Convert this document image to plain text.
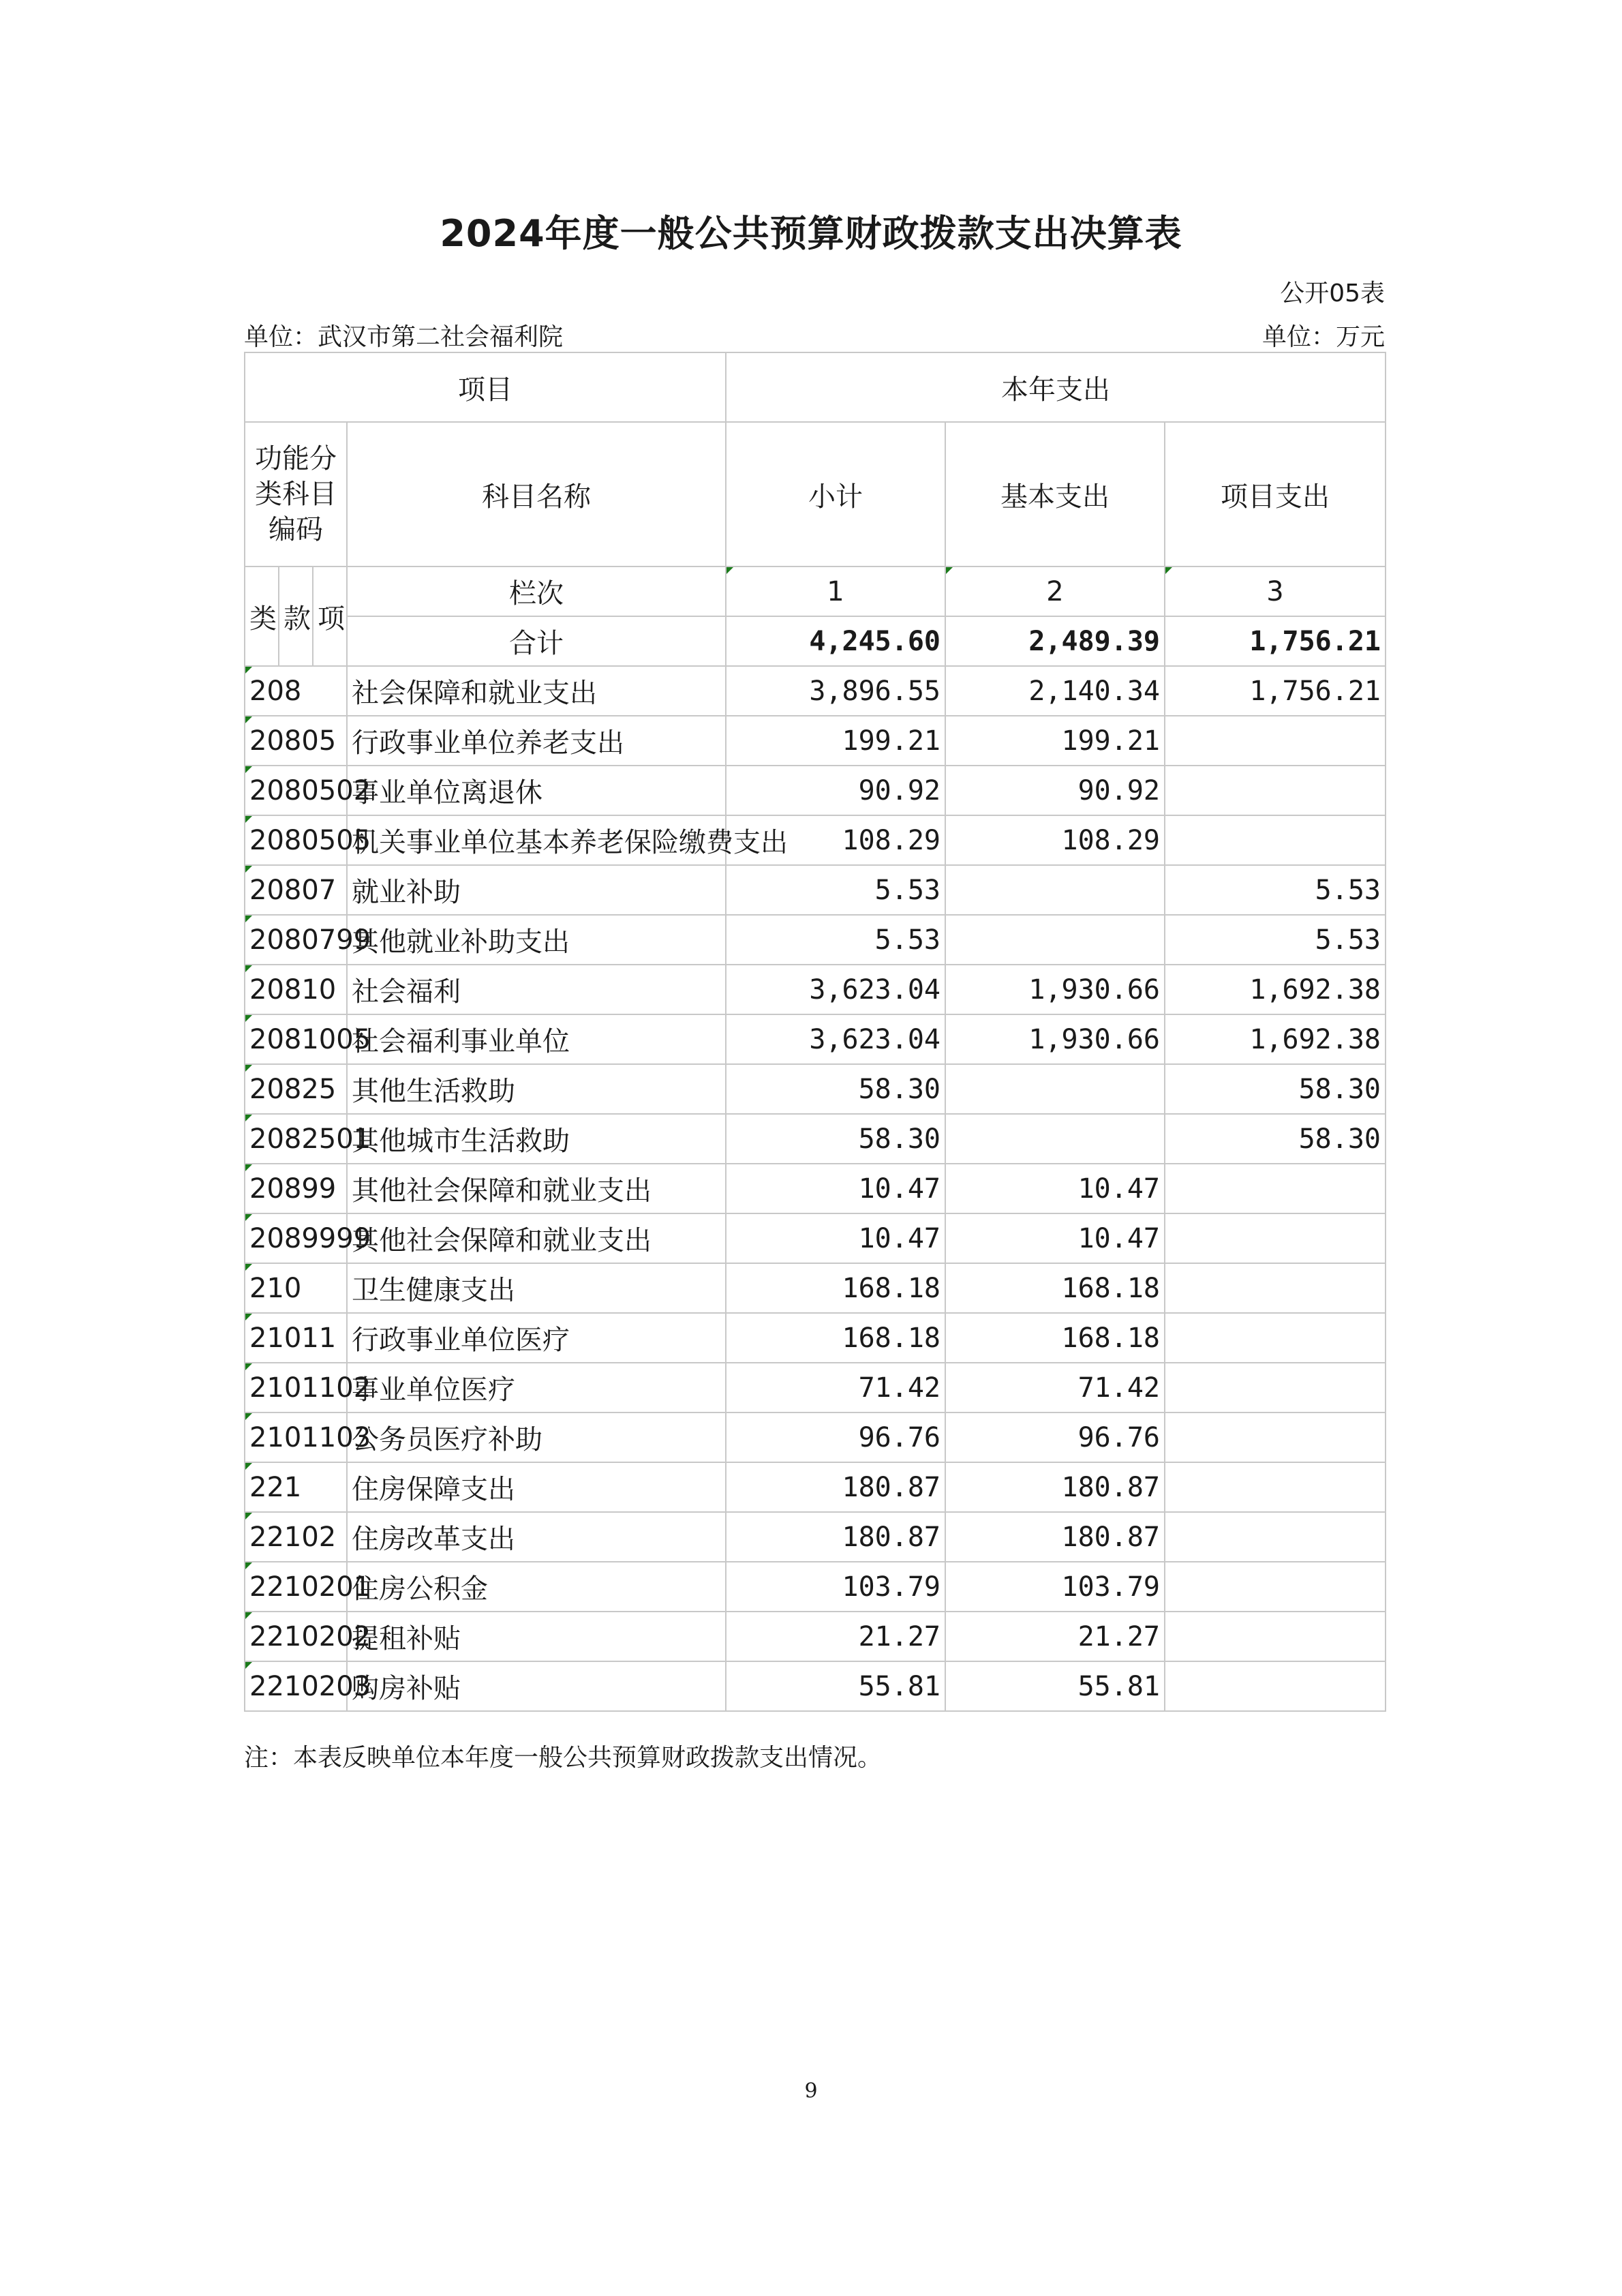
2024年度一般公共预算财政拨款支出决算表
公开05表
单位：武汉市第二社会福利院	单位：万元
项目				本年支出		
功能分类科目编码			科目名称	小计	基本支出	项目支出
类	款	项	栏次	1	2	3
			合计	4,245.60	2,489.39	1,756.21
208			社会保障和就业支出	3,896.55	2,140.34	1,756.21
20805			行政事业单位养老支出	199.21	199.21	
2080502			事业单位离退休	90.92	90.92	
2080505			机关事业单位基本养老保险缴费支出	108.29	108.29	
20807			就业补助	5.53		5.53
2080799			其他就业补助支出	5.53		5.53
20810			社会福利	3,623.04	1,930.66	1,692.38
2081005			社会福利事业单位	3,623.04	1,930.66	1,692.38
20825			其他生活救助	58.30		58.30
2082501			其他城市生活救助	58.30		58.30
20899			其他社会保障和就业支出	10.47	10.47	
2089999			其他社会保障和就业支出	10.47	10.47	
210			卫生健康支出	168.18	168.18	
21011			行政事业单位医疗	168.18	168.18	
2101102			事业单位医疗	71.42	71.42	
2101103			公务员医疗补助	96.76	96.76	
221			住房保障支出	180.87	180.87	
22102			住房改革支出	180.87	180.87	
2210201			住房公积金	103.79	103.79	
2210202			提租补贴	21.27	21.27	
2210203			购房补贴	55.81	55.81	
注：本表反映单位本年度一般公共预算财政拨款支出情况。
9
